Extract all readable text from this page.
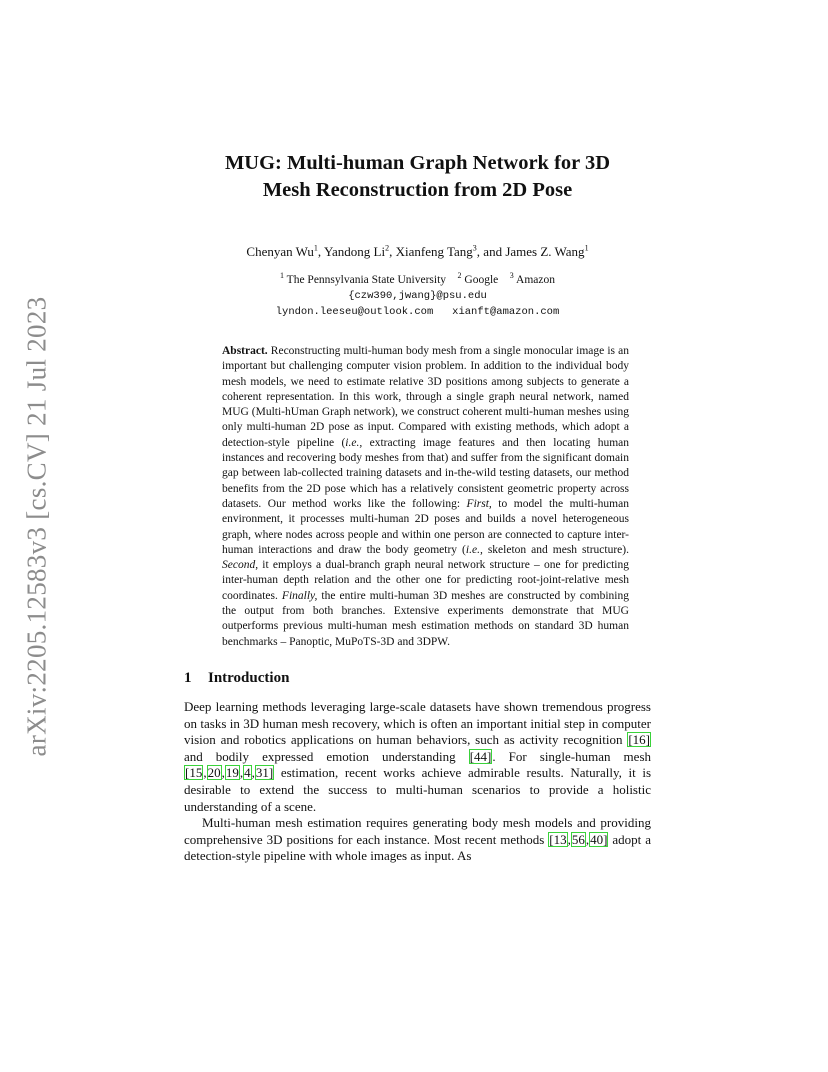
arXiv:2205.12583v3 [cs.CV] 21 Jul 2023
MUG: Multi-human Graph Network for 3D
Mesh Reconstruction from 2D Pose
Chenyan Wu$^1$, Yandong Li$^2$, Xianfeng Tang$^3$, and James Z. Wang$^1$
$^1$ The Pennsylvania State University $^2$ Google $^3$ Amazon
{czw390,jwang}@psu.edu
lyndon.leeseu@outlook.com xianft@amazon.com
Abstract. Reconstructing multi-human body mesh from a single monocular image is an important but challenging computer vision problem. In addition to the individual body mesh models, we need to estimate relative 3D positions among subjects to generate a coherent representation. In this work, through a single graph neural network, named MUG (Multi-hUman Graph network), we construct coherent multi-human meshes using only multi-human 2D pose as input. Compared with existing methods, which adopt a detection-style pipeline (i.e., extracting image features and then locating human instances and recovering body meshes from that) and suffer from the significant domain gap between lab-collected training datasets and in-the-wild testing datasets, our method benefits from the 2D pose which has a relatively consistent geometric property across datasets. Our method works like the following: First, to model the multi-human environment, it processes multi-human 2D poses and builds a novel heterogeneous graph, where nodes across people and within one person are connected to capture inter-human interactions and draw the body geometry (i.e., skeleton and mesh structure). Second, it employs a dual-branch graph neural network structure – one for predicting inter-human depth relation and the other one for predicting root-joint-relative mesh coordinates. Finally, the entire multi-human 3D meshes are constructed by combining the output from both branches. Extensive experiments demonstrate that MUG outperforms previous multi-human mesh estimation methods on standard 3D human benchmarks – Panoptic, MuPoTS-3D and 3DPW.
1 Introduction

Deep learning methods leveraging large-scale datasets have shown tremendous progress on tasks in 3D human mesh recovery, which is often an important initial step in computer vision and robotics applications on human behaviors, such as activity recognition [16] and bodily expressed emotion understanding [44]. For single-human mesh [15,20,19,4,31] estimation, recent works achieve admirable results. Naturally, it is desirable to extend the success to multi-human scenarios to provide a holistic understanding of a scene.

Multi-human mesh estimation requires generating body mesh models and providing comprehensive 3D positions for each instance. Most recent methods [13,56,40] adopt a detection-style pipeline with whole images as input. As
